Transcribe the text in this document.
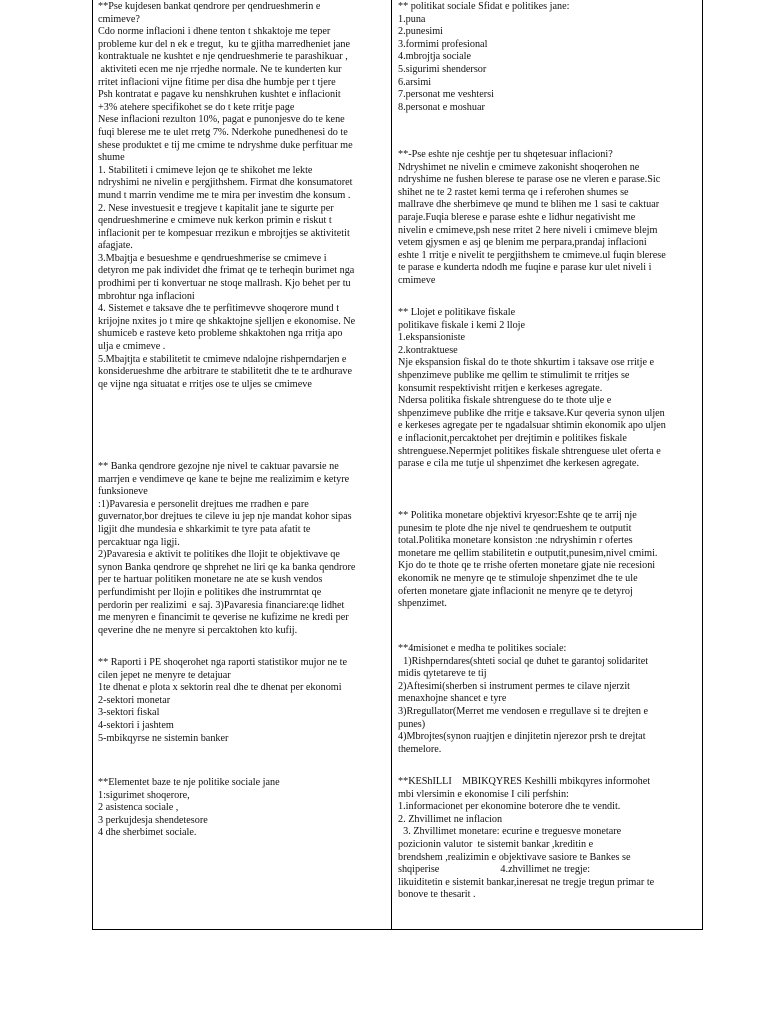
**Pse kujdesen bankat qendrore per qendrueshmerin e
cmimeve?
Cdo norme inflacioni i dhene tenton t shkaktoje me teper
probleme kur del n ek e tregut,  ku te gjitha marredheniet jane
kontraktuale ne kushtet e nje qendrueshmerie te parashikuar ,
aktiviteti ecen me nje rrjedhe normale. Ne te kunderten kur
rritet inflacioni vijne fitime per disa dhe humbje per t tjere
Psh kontratat e pagave ku nenshkruhen kushtet e inflacionit
+3% atehere specifikohet se do t kete rritje page
Nese inflacioni rezulton 10%, pagat e punonjesve do te kene
fuqi blerese me te ulet rretg 7%. Nderkohe punedhenesi do te
shese produktet e tij me cmime te ndryshme duke perfituar me
shume
1. Stabiliteti i cmimeve lejon qe te shikohet me lekte
ndryshimi ne nivelin e pergjithshem. Firmat dhe konsumatoret
mund t marrin vendime me te mira per investim dhe konsum .
2. Nese investuesit e tregjeve t kapitalit jane te sigurte per
qendrueshmerine e cmimeve nuk kerkon primin e riskut t
inflacionit per te kompesuar rrezikun e mbrojtjes se aktivitetit
afagjate.
3.Mbajtja e besueshme e qendrueshmerise se cmimeve i
detyron me pak individet dhe frimat qe te terheqin burimet nga
prodhimi per ti konvertuar ne stoqe mallrash. Kjo behet per tu
mbrohtur nga inflacioni
4. Sistemet e taksave dhe te perfitimevve shoqerore mund t
krijojne nxites jo t mire qe shkaktojne sjelljen e ekonomise. Ne
shumiceb e rasteve keto probleme shkaktohen nga rritja apo
ulja e cmimeve .
5.Mbajtjta e stabilitetit te cmimeve ndalojne rishperndarjen e
konsiderueshme dhe arbitrare te stabilitetit dhe te te ardhurave
qe vijne nga situatat e rritjes ose te uljes se cmimeve
** Banka qendrore gezojne nje nivel te caktuar pavarsie ne
marrjen e vendimeve qe kane te bejne me realizimim e ketyre
funksioneve
:1)Pavaresia e personelit drejtues me rradhen e pare
guvernator,bor drejtues te cileve iu jep nje mandat kohor sipas
ligjit dhe mundesia e shkarkimit te tyre pata afatit te
percaktuar nga ligji.
2)Pavaresia e aktivit te politikes dhe llojit te objektivave qe
synon Banka qendrore qe shprehet ne liri qe ka banka qendrore
per te hartuar politiken monetare ne ate se kush vendos
perfundimisht per llojin e politikes dhe instrumrntat qe
perdorin per realizimi  e saj. 3)Pavaresia financiare:qe lidhet
me menyren e financimit te qeverise ne kufizime ne kredi per
qeverine dhe ne menyre si percaktohen kto kufij.
** Raporti i PE shoqerohet nga raporti statistikor mujor ne te
cilen jepet ne menyre te detajuar
1te dhenat e plota x sektorin real dhe te dhenat per ekonomi
2-sektori monetar
3-sektori fiskal
4-sektori i jashtem
5-mbikqyrse ne sistemin banker
**Elementet baze te nje politike sociale jane
1:sigurimet shoqerore,
2 asistenca sociale ,
3 perkujdesja shendetesore
4 dhe sherbimet sociale.
** politikat sociale Sfidat e politikes jane:
1.puna
2.punesimi
3.formimi profesional
4.mbrojtja sociale
5.sigurimi shendersor
6.arsimi
7.personat me veshtersi
8.personat e moshuar
**-Pse eshte nje ceshtje per tu shqetesuar inflacioni?
Ndryshimet ne nivelin e cmimeve zakonisht shoqerohen ne
ndryshime ne fushen blerese te parase ose ne vleren e parase.Sic
shihet ne te 2 rastet kemi terma qe i referohen shumes se
mallrave dhe sherbimeve qe mund te blihen me 1 sasi te caktuar
paraje.Fuqia blerese e parase eshte e lidhur negativisht me
nivelin e cmimeve,psh nese rritet 2 here niveli i cmimeve blejm
vetem gjysmen e asj qe blenim me perpara,prandaj inflacioni
eshte 1 rritje e nivelit te pergjithshem te cmimeve.ul fuqin blerese
te parase e kunderta ndodh me fuqine e parase kur ulet niveli i
cmimeve
** Llojet e politikave fiskale
politikave fiskale i kemi 2 lloje
1.ekspansioniste
2.kontraktuese
Nje ekspansion fiskal do te thote shkurtim i taksave ose rritje e
shpenzimeve publike me qellim te stimulimit te rritjes se
konsumit respektivisht rritjen e kerkeses agregate.
Ndersa politika fiskale shtrenguese do te thote ulje e
shpenzimeve publike dhe rritje e taksave.Kur qeveria synon uljen
e kerkeses agregate per te ngadalsuar shtimin ekonomik apo uljen
e inflacionit,percaktohet per drejtimin e politikes fiskale
shtrenguese.Nepermjet politikes fiskale shtrenguese ulet oferta e
parase e cila me tutje ul shpenzimet dhe kerkesen agregate.
** Politika monetare objektivi kryesor:Eshte qe te arrij nje
punesim te plote dhe nje nivel te qendrueshem te outputit
total.Politika monetare konsiston :ne ndryshimin r ofertes
monetare me qellim stabilitetin e outputit,punesim,nivel cmimi.
Kjo do te thote qe te rrishe oferten monetare gjate nie recesioni
ekonomik ne menyre qe te stimuloje shpenzimet dhe te ule
oferten monetare gjate inflacionit ne menyre qe te detyroj
shpenzimet.
**4misionet e medha te politikes sociale:
1)Rishperndares(shteti social qe duhet te garantoj solidaritet
midis qytetareve te tij
2)Aftesimi(sherben si instrument permes te cilave njerzit
menaxhojne shancet e tyre
3)Rregullator(Merret me vendosen e rregullave si te drejten e
punes)
4)Mbrojtes(synon ruajtjen e dinjitetin njerezor prsh te drejtat
themelore.
**KEShILLI    MBIKQYRES Keshilli mbikqyres informohet
mbi vlersimin e ekonomise I cili perfshin:
1.informacionet per ekonomine boterore dhe te vendit.
2. Zhvillimet ne inflacion
3. Zhvillimet monetare: ecurine e treguesve monetare
pozicionin valutor  te sistemit bankar ,kreditin e
brendshem ,realizimin e objektivave sasiore te Bankes se
shqiperise                        4.zhvillimet ne tregje:
likuiditetin e sistemit bankar,ineresat ne tregje tregun primar te
bonove te thesarit .
